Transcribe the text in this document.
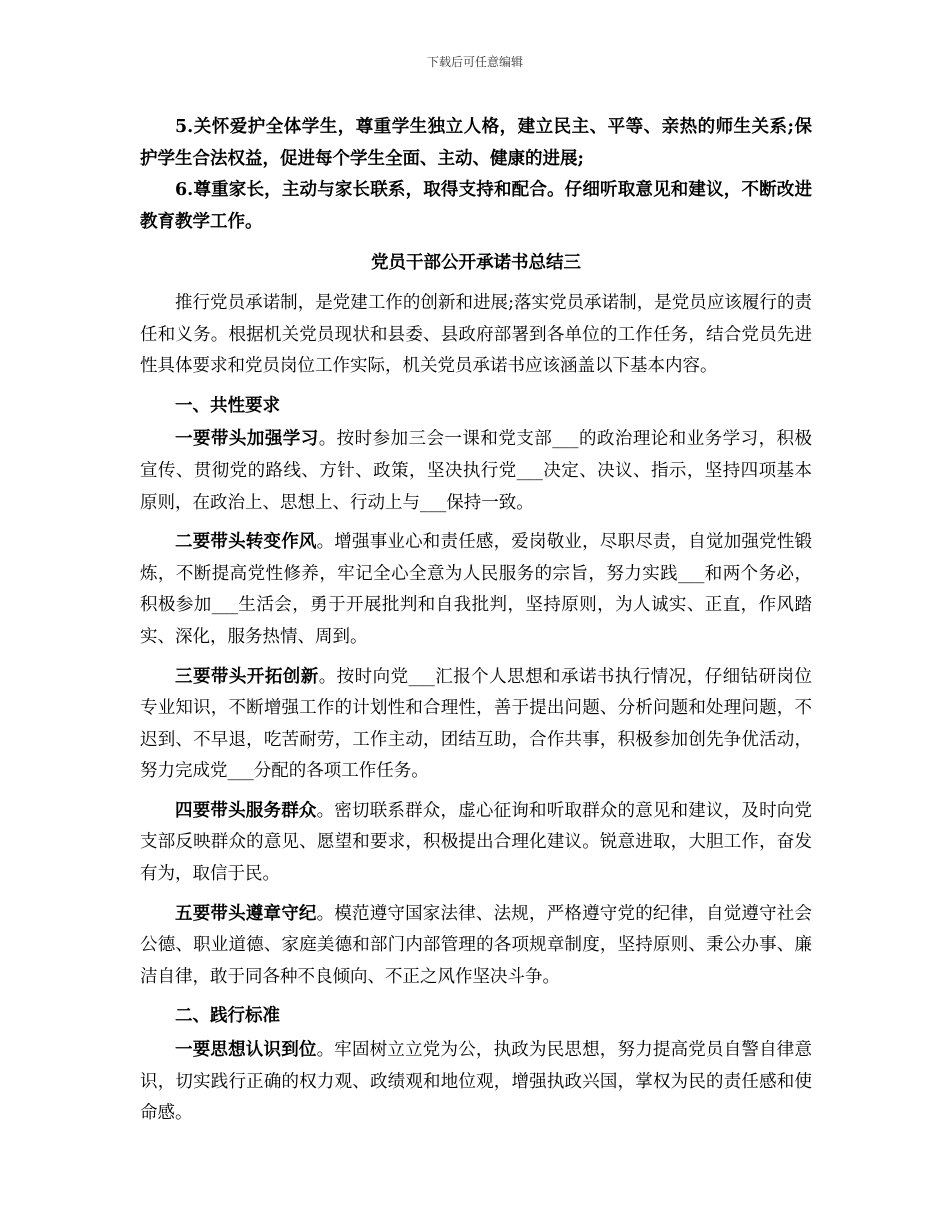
下载后可任意编辑

5.关怀爱护全体学生，尊重学生独立人格，建立民主、平等、亲热的师生关系;保护学生合法权益，促进每个学生全面、主动、健康的进展;

6.尊重家长，主动与家长联系，取得支持和配合。仔细听取意见和建议，不断改进教育教学工作。

党员干部公开承诺书总结三

推行党员承诺制，是党建工作的创新和进展;落实党员承诺制，是党员应该履行的责任和义务。根据机关党员现状和县委、县政府部署到各单位的工作任务，结合党员先进性具体要求和党员岗位工作实际，机关党员承诺书应该涵盖以下基本内容。

一、共性要求

一要带头加强学习。按时参加三会一课和党支部___的政治理论和业务学习，积极宣传、贯彻党的路线、方针、政策，坚决执行党___决定、决议、指示，坚持四项基本原则，在政治上、思想上、行动上与___保持一致。

二要带头转变作风。增强事业心和责任感，爱岗敬业，尽职尽责，自觉加强党性锻炼，不断提高党性修养，牢记全心全意为人民服务的宗旨，努力实践___和两个务必，积极参加___生活会，勇于开展批判和自我批判，坚持原则，为人诚实、正直，作风踏实、深化，服务热情、周到。

三要带头开拓创新。按时向党___汇报个人思想和承诺书执行情况，仔细钻研岗位专业知识，不断增强工作的计划性和合理性，善于提出问题、分析问题和处理问题，不迟到、不早退，吃苦耐劳，工作主动，团结互助，合作共事，积极参加创先争优活动，努力完成党___分配的各项工作任务。

四要带头服务群众。密切联系群众，虚心征询和听取群众的意见和建议，及时向党支部反映群众的意见、愿望和要求，积极提出合理化建议。锐意进取，大胆工作，奋发有为，取信于民。

五要带头遵章守纪。模范遵守国家法律、法规，严格遵守党的纪律，自觉遵守社会公德、职业道德、家庭美德和部门内部管理的各项规章制度，坚持原则、秉公办事、廉洁自律，敢于同各种不良倾向、不正之风作坚决斗争。

二、践行标准

一要思想认识到位。牢固树立立党为公，执政为民思想，努力提高党员自警自律意识，切实践行正确的权力观、政绩观和地位观，增强执政兴国，掌权为民的责任感和使命感。
